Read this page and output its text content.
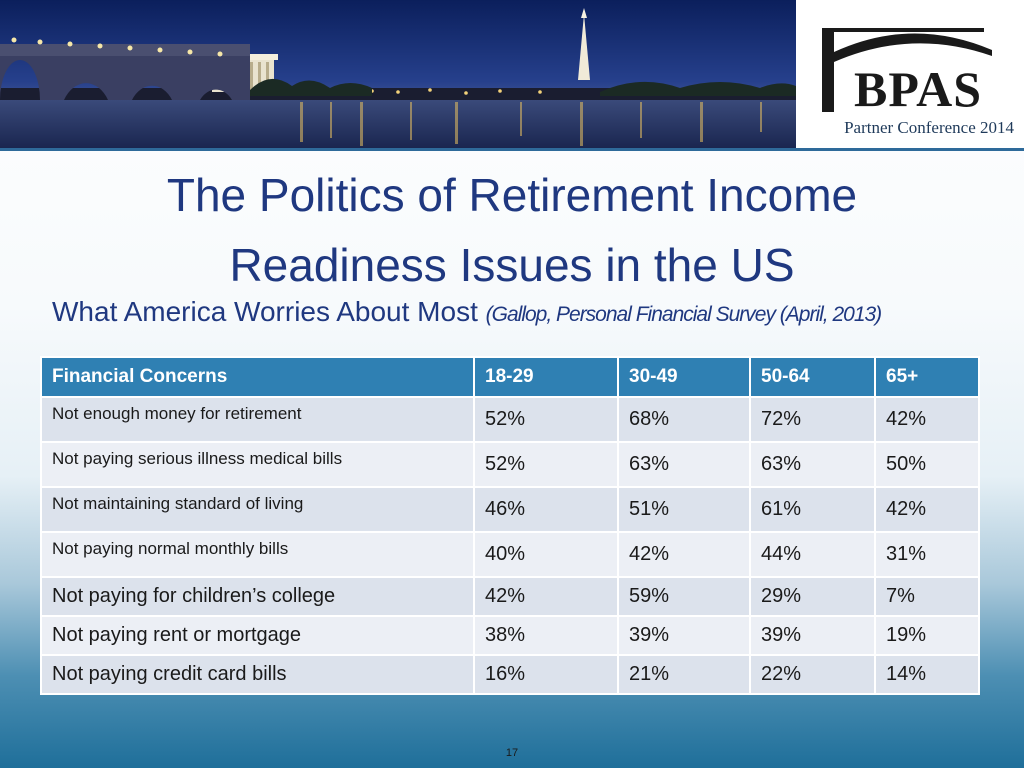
BPAS
Partner Conference 2014
The Politics of Retirement Income
Readiness Issues in the US
What America Worries About Most (Gallop, Personal Financial Survey (April, 2013)
Financial Concerns	18-29	30-49	50-64	65+
Not enough money for retirement	52%	68%	72%	42%
Not paying serious illness medical bills	52%	63%	63%	50%
Not maintaining standard of living	46%	51%	61%	42%
Not paying normal monthly bills	40%	42%	44%	31%
Not paying for children’s college	42%	59%	29%	7%
Not paying rent or mortgage	38%	39%	39%	19%
Not paying credit card bills	16%	21%	22%	14%
17
